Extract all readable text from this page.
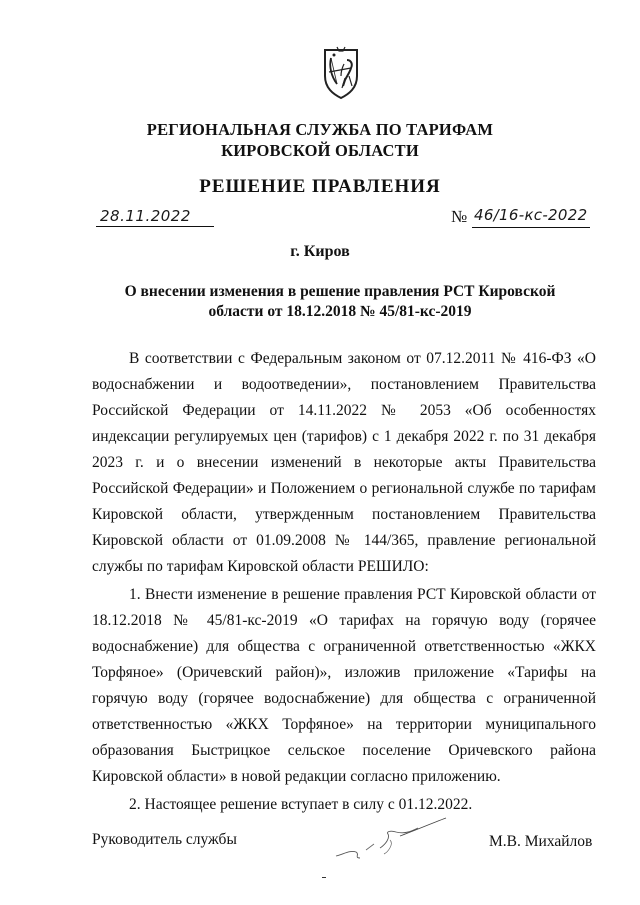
РЕГИОНАЛЬНАЯ СЛУЖБА ПО ТАРИФАМ
КИРОВСКОЙ ОБЛАСТИ
РЕШЕНИЕ ПРАВЛЕНИЯ
28.11.2022	№ 46/16-кс-2022
г. Киров
О внесении изменения в решение правления РСТ Кировской области от 18.12.2018 № 45/81-кс-2019
В соответствии с Федеральным законом от 07.12.2011 № 416-ФЗ «О водоснабжении и водоотведении», постановлением Правительства Российской Федерации от 14.11.2022 № 2053 «Об особенностях индексации регулируемых цен (тарифов) с 1 декабря 2022 г. по 31 декабря 2023 г. и о внесении изменений в некоторые акты Правительства Российской Федерации» и Положением о региональной службе по тарифам Кировской области, утвержденным постановлением Правительства Кировской области от 01.09.2008 № 144/365, правление региональной службы по тарифам Кировской области РЕШИЛО:
1. Внести изменение в решение правления РСТ Кировской области от 18.12.2018 № 45/81-кс-2019 «О тарифах на горячую воду (горячее водоснабжение) для общества с ограниченной ответственностью «ЖКХ Торфяное» (Оричевский район)», изложив приложение «Тарифы на горячую воду (горячее водоснабжение) для общества с ограниченной ответственностью «ЖКХ Торфяное» на территории муниципального образования Быстрицкое сельское поселение Оричевского района Кировской области» в новой редакции согласно приложению.
2. Настоящее решение вступает в силу с 01.12.2022.
Руководитель службы	М.В. Михайлов
